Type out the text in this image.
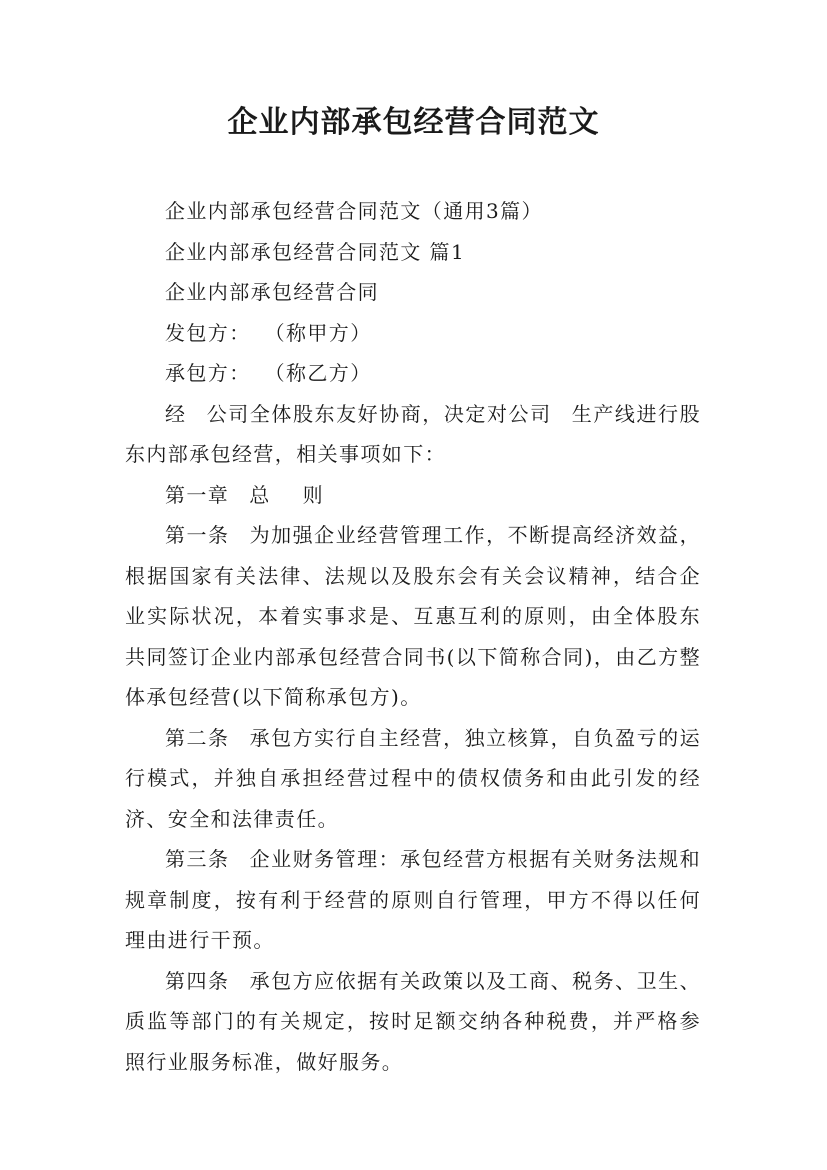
企业内部承包经营合同范文

企业内部承包经营合同范文（通用3篇）

企业内部承包经营合同范文 篇1

企业内部承包经营合同

发包方： （称甲方）

承包方： （称乙方）

经 公司全体股东友好协商，决定对公司 生产线进行股东内部承包经营，相关事项如下：

第一章 总 则

第一条 为加强企业经营管理工作，不断提高经济效益，根据国家有关法律、法规以及股东会有关会议精神，结合企业实际状况，本着实事求是、互惠互利的原则，由全体股东共同签订企业内部承包经营合同书(以下简称合同)，由乙方整体承包经营(以下简称承包方)。

第二条 承包方实行自主经营，独立核算，自负盈亏的运行模式，并独自承担经营过程中的债权债务和由此引发的经济、安全和法律责任。

第三条 企业财务管理：承包经营方根据有关财务法规和规章制度，按有利于经营的原则自行管理，甲方不得以任何理由进行干预。

第四条 承包方应依据有关政策以及工商、税务、卫生、质监等部门的有关规定，按时足额交纳各种税费，并严格参照行业服务标准，做好服务。
